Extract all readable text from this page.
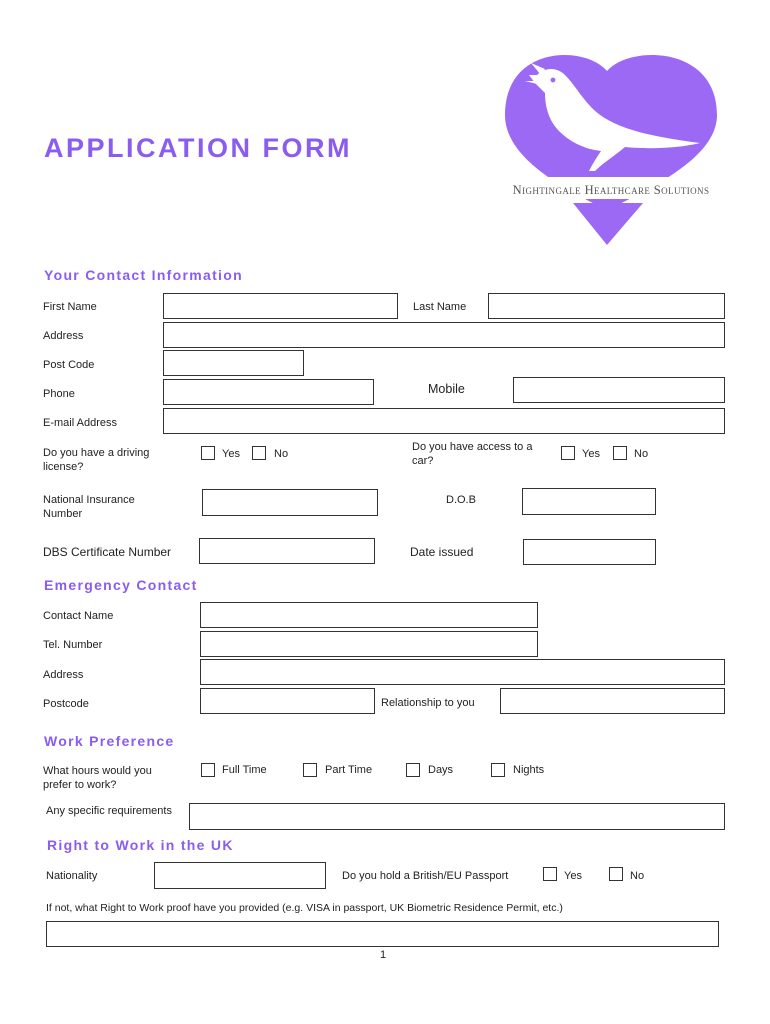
APPLICATION FORM
Nightingale Healthcare Solutions
Your Contact Information
First Name	Last Name
Address
Post Code
Phone	Mobile
E-mail Address
Do you have a driving license?
Yes	No
Do you have access to a car?
Yes	No
National Insurance Number
D.O.B
DBS Certificate Number	Date issued
Emergency Contact
Contact Name
Tel. Number
Address
Postcode	Relationship to you
Work Preference
What hours would you prefer to work?
Full Time	Part Time	Days	Nights
Any specific requirements
Right to Work in the UK
Nationality	Do you hold a British/EU Passport	Yes	No
If not, what Right to Work proof have you provided (e.g. VISA in passport, UK Biometric Residence Permit, etc.)
1
